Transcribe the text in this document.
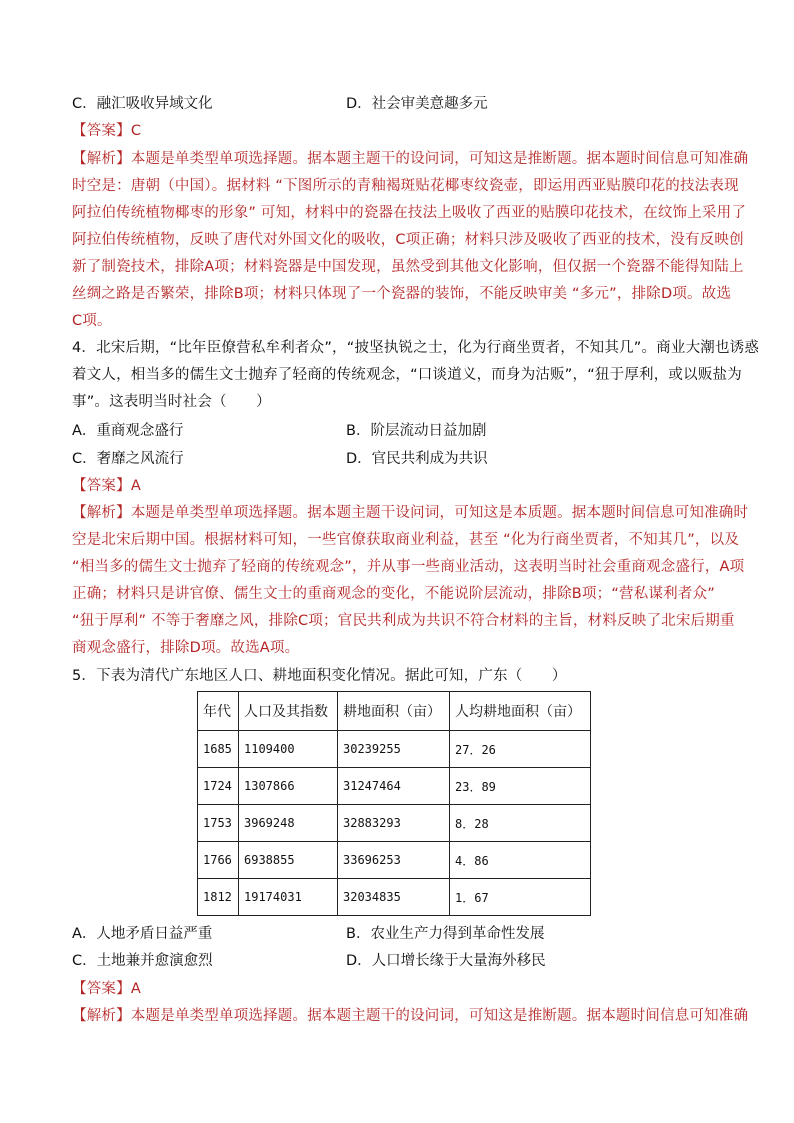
C．融汇吸收异域文化	D．社会审美意趣多元
【答案】C
【解析】本题是单类型单项选择题。据本题主题干的设问词，可知这是推断题。据本题时间信息可知准确
时空是：唐朝（中国）。据材料 “下图所示的青釉褐斑贴花椰枣纹瓷壶，即运用西亚贴膜印花的技法表现
阿拉伯传统植物椰枣的形象” 可知，材料中的瓷器在技法上吸收了西亚的贴膜印花技术，在纹饰上采用了
阿拉伯传统植物，反映了唐代对外国文化的吸收，C项正确；材料只涉及吸收了西亚的技术，没有反映创
新了制瓷技术，排除A项；材料瓷器是中国发现，虽然受到其他文化影响，但仅据一个瓷器不能得知陆上
丝绸之路是否繁荣，排除B项；材料只体现了一个瓷器的装饰，不能反映审美 “多元”，排除D项。故选
C项。
4．北宋后期，“比年臣僚营私牟利者众”，“披坚执锐之士，化为行商坐贾者，不知其几”。商业大潮也诱惑
着文人，相当多的儒生文士抛弃了轻商的传统观念，“口谈道义，而身为沽贩”，“狃于厚利，或以贩盐为
事”。这表明当时社会（　　）
A．重商观念盛行	B．阶层流动日益加剧
C．奢靡之风流行	D．官民共利成为共识
【答案】A
【解析】本题是单类型单项选择题。据本题主题干设问词，可知这是本质题。据本题时间信息可知准确时
空是北宋后期中国。根据材料可知，一些官僚获取商业利益，甚至 “化为行商坐贾者，不知其几”，以及
“相当多的儒生文士抛弃了轻商的传统观念”，并从事一些商业活动，这表明当时社会重商观念盛行，A项
正确；材料只是讲官僚、儒生文士的重商观念的变化，不能说阶层流动，排除B项；“营私谋利者众”
“狃于厚利” 不等于奢靡之风，排除C项；官民共利成为共识不符合材料的主旨，材料反映了北宋后期重
商观念盛行，排除D项。故选A项。
5．下表为清代广东地区人口、耕地面积变化情况。据此可知，广东（　　）
年代	人口及其指数	耕地面积（亩）	人均耕地面积（亩）
1685	1109400	30239255	27．26
1724	1307866	31247464	23．89
1753	3969248	32883293	8．28
1766	6938855	33696253	4．86
1812	19174031	32034835	1．67
A．人地矛盾日益严重	B．农业生产力得到革命性发展
C．土地兼并愈演愈烈	D．人口增长缘于大量海外移民
【答案】A
【解析】本题是单类型单项选择题。据本题主题干的设问词，可知这是推断题。据本题时间信息可知准确
